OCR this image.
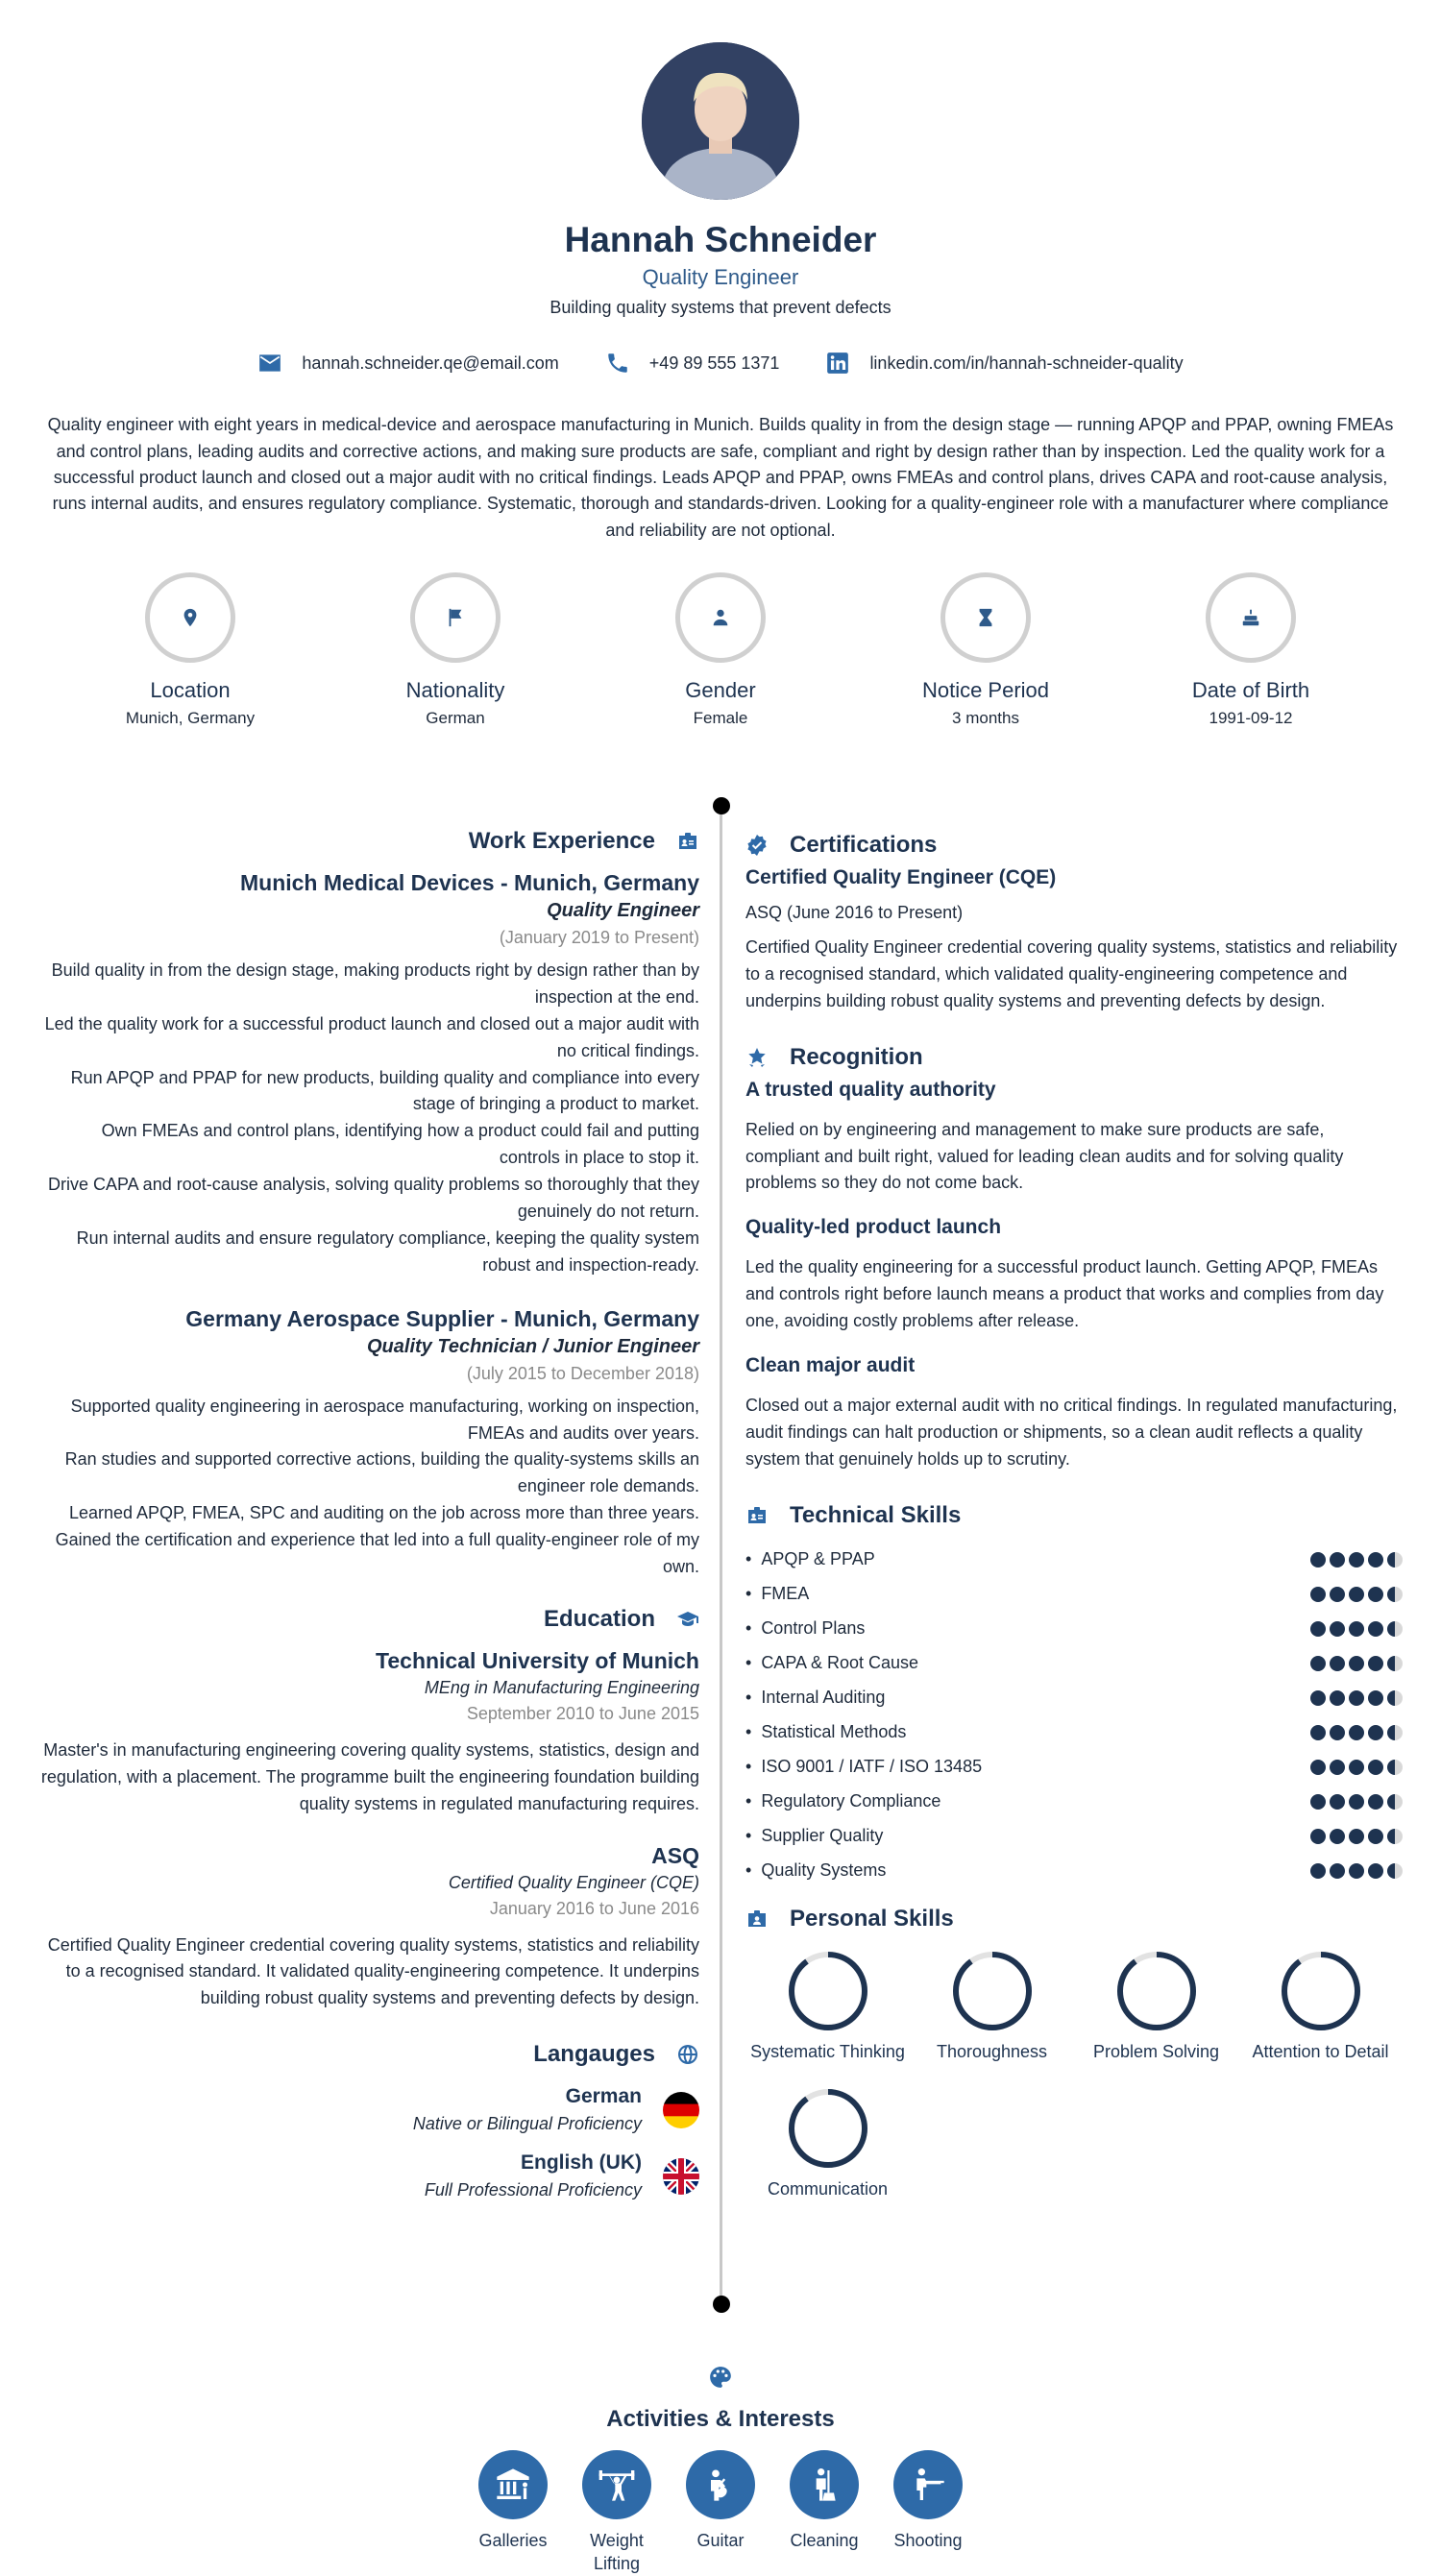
Hannah Schneider
Quality Engineer
Building quality systems that prevent defects
hannah.schneider.qe@email.com	+49 89 555 1371	linkedin.com/in/hannah-schneider-quality

Quality engineer with eight years in medical-device and aerospace manufacturing in Munich. Builds quality in from the design stage — running APQP and PPAP, owning FMEAs and control plans, leading audits and corrective actions, and making sure products are safe, compliant and right by design rather than by inspection. Led the quality work for a successful product launch and closed out a major audit with no critical findings. Leads APQP and PPAP, owns FMEAs and control plans, drives CAPA and root-cause analysis, runs internal audits, and ensures regulatory compliance. Systematic, thorough and standards-driven. Looking for a quality-engineer role with a manufacturer where compliance and reliability are not optional.

Location
Munich, Germany
Nationality
German
Gender
Female
Notice Period
3 months
Date of Birth
1991-09-12
Work Experience
Munich Medical Devices - Munich, Germany
Quality Engineer
(January 2019 to Present)
Build quality in from the design stage, making products right by design rather than by inspection at the end.
Led the quality work for a successful product launch and closed out a major audit with no critical findings.
Run APQP and PPAP for new products, building quality and compliance into every stage of bringing a product to market.
Own FMEAs and control plans, identifying how a product could fail and putting controls in place to stop it.
Drive CAPA and root-cause analysis, solving quality problems so thoroughly that they genuinely do not return.
Run internal audits and ensure regulatory compliance, keeping the quality system robust and inspection-ready.
Germany Aerospace Supplier - Munich, Germany
Quality Technician / Junior Engineer
(July 2015 to December 2018)
Supported quality engineering in aerospace manufacturing, working on inspection, FMEAs and audits over years.
Ran studies and supported corrective actions, building the quality-systems skills an engineer role demands.
Learned APQP, FMEA, SPC and auditing on the job across more than three years.
Gained the certification and experience that led into a full quality-engineer role of my own.
Education
Technical University of Munich
MEng in Manufacturing Engineering
September 2010 to June 2015
Master's in manufacturing engineering covering quality systems, statistics, design and regulation, with a placement. The programme built the engineering foundation building quality systems in regulated manufacturing requires.
ASQ
Certified Quality Engineer (CQE)
January 2016 to June 2016
Certified Quality Engineer credential covering quality systems, statistics and reliability to a recognised standard. It validated quality-engineering competence. It underpins building robust quality systems and preventing defects by design.
Langauges
German
Native or Bilingual Proficiency
English (UK)
Full Professional Proficiency
Certifications
Certified Quality Engineer (CQE)
ASQ (June 2016 to Present)
Certified Quality Engineer credential covering quality systems, statistics and reliability to a recognised standard, which validated quality-engineering competence and underpins building robust quality systems and preventing defects by design.
Recognition
A trusted quality authority
Relied on by engineering and management to make sure products are safe, compliant and built right, valued for leading clean audits and for solving quality problems so they do not come back.
Quality-led product launch
Led the quality engineering for a successful product launch. Getting APQP, FMEAs and controls right before launch means a product that works and complies from day one, avoiding costly problems after release.
Clean major audit
Closed out a major external audit with no critical findings. In regulated manufacturing, audit findings can halt production or shipments, so a clean audit reflects a quality system that genuinely holds up to scrutiny.
Technical Skills
• APQP & PPAP
• FMEA
• Control Plans
• CAPA & Root Cause
• Internal Auditing
• Statistical Methods
• ISO 9001 / IATF / ISO 13485
• Regulatory Compliance
• Supplier Quality
• Quality Systems
Personal Skills
Systematic Thinking	Thoroughness	Problem Solving	Attention to Detail
Communication
Activities & Interests
Galleries	Weight Lifting
Guitar	Cleaning Shooting
